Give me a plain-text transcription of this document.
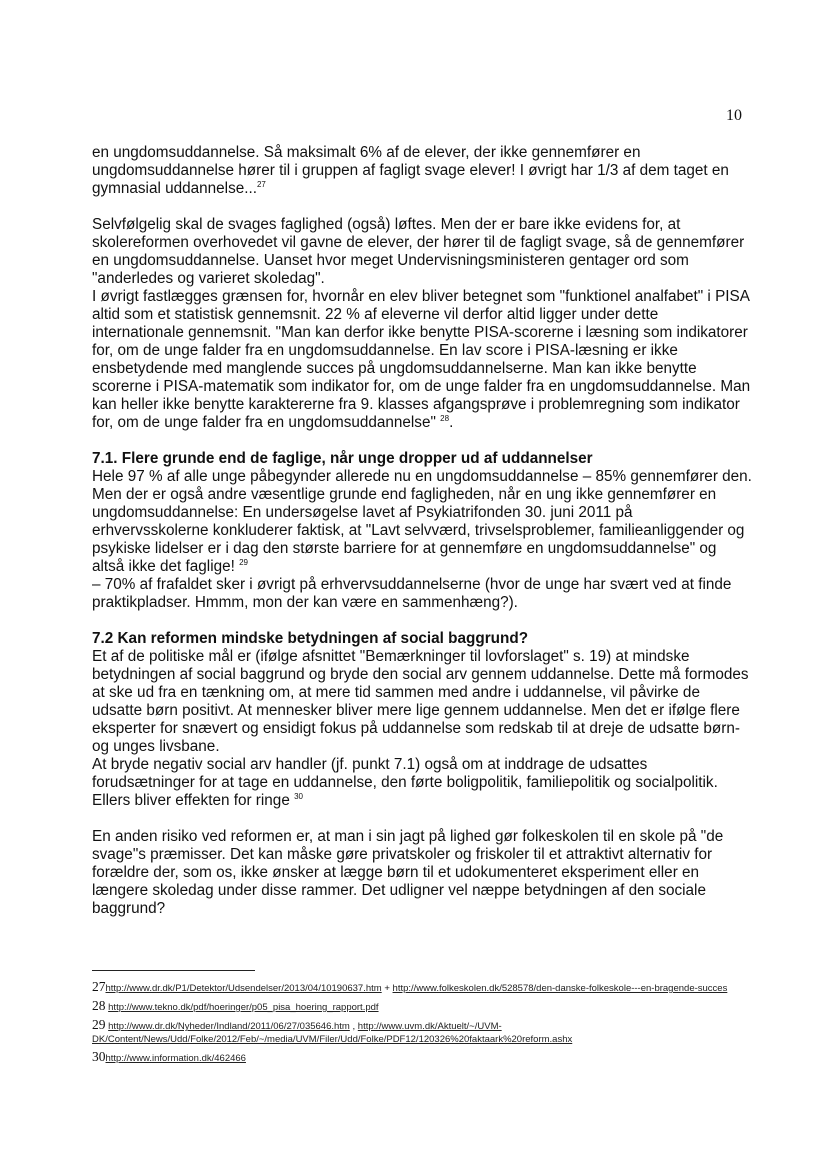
10

en ungdomsuddannelse. Så maksimalt 6% af de elever, der ikke gennemfører en ungdomsuddannelse hører til i gruppen af fagligt svage elever! I øvrigt har 1/3 af dem taget en gymnasial uddannelse...$^{27}$

Selvfølgelig skal de svages faglighed (også) løftes. Men der er bare ikke evidens for, at skolereformen overhovedet vil gavne de elever, der hører til de fagligt svage, så de gennemfører en ungdomsuddannelse. Uanset hvor meget Undervisningsministeren gentager ord som "anderledes og varieret skoledag".

I øvrigt fastlægges grænsen for, hvornår en elev bliver betegnet som "funktionel analfabet" i PISA altid som et statistisk gennemsnit. 22 % af eleverne vil derfor altid ligger under dette internationale gennemsnit. "Man kan derfor ikke benytte PISA-scorerne i læsning som indikatorer for, om de unge falder fra en ungdomsuddannelse. En lav score i PISA-læsning er ikke ensbetydende med manglende succes på ungdomsuddannelserne. Man kan ikke benytte scorerne i PISA-matematik som indikator for, om de unge falder fra en ungdomsuddannelse. Man kan heller ikke benytte karaktererne fra 9. klasses afgangsprøve i problemregning som indikator for, om de unge falder fra en ungdomsuddannelse" $^{28}$.

7.1. Flere grunde end de faglige, når unge dropper ud af uddannelser

Hele 97 % af alle unge påbegynder allerede nu en ungdomsuddannelse – 85% gennemfører den. Men der er også andre væsentlige grunde end fagligheden, når en ung ikke gennemfører en ungdomsuddannelse: En undersøgelse lavet af Psykiatrifonden 30. juni 2011 på erhvervsskolerne konkluderer faktisk, at "Lavt selvværd, trivselsproblemer, familieanliggender og psykiske lidelser er i dag den største barriere for at gennemføre en ungdomsuddannelse" og altså ikke det faglige! $^{29}$

– 70% af frafaldet sker i øvrigt på erhvervsuddannelserne (hvor de unge har svært ved at finde praktikpladser. Hmmm, mon der kan være en sammenhæng?).

7.2 Kan reformen mindske betydningen af social baggrund?

Et af de politiske mål er (ifølge afsnittet "Bemærkninger til lovforslaget" s. 19) at mindske betydningen af social baggrund og bryde den social arv gennem uddannelse. Dette må formodes at ske ud fra en tænkning om, at mere tid sammen med andre i uddannelse, vil påvirke de udsatte børn positivt. At mennesker bliver mere lige gennem uddannelse. Men det er ifølge flere eksperter for snævert og ensidigt fokus på uddannelse som redskab til at dreje de udsatte børn- og unges livsbane.

At bryde negativ social arv handler (jf. punkt 7.1) også om at inddrage de udsattes forudsætninger for at tage en uddannelse, den førte boligpolitik, familiepolitik og socialpolitik. Ellers bliver effekten for ringe $^{30}$

En anden risiko ved reformen er, at man i sin jagt på lighed gør folkeskolen til en skole på "de svage"s præmisser. Det kan måske gøre privatskoler og friskoler til et attraktivt alternativ for forældre der, som os, ikke ønsker at lægge børn til et udokumenteret eksperiment eller en længere skoledag under disse rammer. Det udligner vel næppe betydningen af den sociale baggrund?

27http://www.dr.dk/P1/Detektor/Udsendelser/2013/04/10190637.htm + http://www.folkeskolen.dk/528578/den-danske-folkeskole---en-bragende-succes
28 http://www.tekno.dk/pdf/hoeringer/p05_pisa_hoering_rapport.pdf
29 http://www.dr.dk/Nyheder/Indland/2011/06/27/035646.htm , http://www.uvm.dk/Aktuelt/~/UVM-DK/Content/News/Udd/Folke/2012/Feb/~/media/UVM/Filer/Udd/Folke/PDF12/120326%20faktaark%20reform.ashx
30http://www.information.dk/462466
